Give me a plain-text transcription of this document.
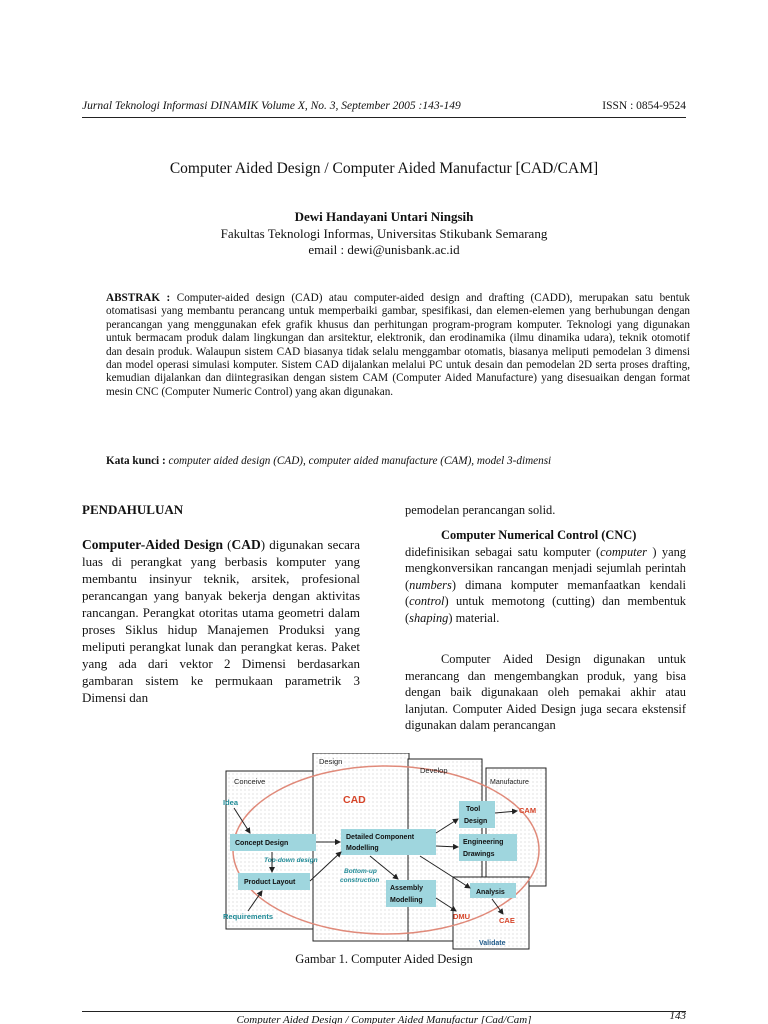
Jurnal Teknologi Informasi DINAMIK Volume X, No. 3, September 2005 :143-149	ISSN : 0854-9524
Computer Aided Design / Computer Aided Manufactur [CAD/CAM]
Dewi Handayani Untari Ningsih
Fakultas Teknologi Informas, Universitas Stikubank Semarang
email : dewi@unisbank.ac.id
ABSTRAK : Computer-aided design (CAD) atau computer-aided design and drafting (CADD), merupakan satu bentuk otomatisasi yang membantu perancang untuk memperbaiki gambar, spesifikasi, dan elemen-elemen yang berhubungan dengan perancangan yang menggunakan efek grafik khusus dan perhitungan program-program komputer. Teknologi yang digunakan untuk bermacam produk dalam lingkungan dan arsitektur, elektronik, dan erodinamika (ilmu dinamika udara), teknik otomotif dan desain produk. Walaupun sistem CAD biasanya tidak selalu menggambar otomatis, biasanya meliputi pemodelan 3 dimensi dan model operasi simulasi komputer. Sistem CAD dijalankan melalui PC untuk desain dan pemodelan 2D serta proses drafting, kemudian dijalankan dan diintegrasikan dengan sistem CAM (Computer Aided Manufacture) yang disesuaikan dengan format mesin CNC (Computer Numeric Control) yang akan digunakan.
Kata kunci : computer aided design (CAD), computer aided manufacture (CAM), model 3-dimensi
PENDAHULUAN
Computer-Aided Design (CAD) digunakan secara luas di perangkat yang berbasis komputer yang membantu insinyur teknik, arsitek, profesional perancangan yang banyak bekerja dengan aktivitas rancangan. Perangkat otoritas utama geometri dalam proses Siklus hidup Manajemen Produksi yang meliputi perangkat lunak dan perangkat keras. Paket yang ada dari vektor 2 Dimensi berdasarkan gambaran sistem ke permukaan parametrik 3 Dimensi dan
pemodelan perancangan solid.
Computer Numerical Control (CNC) didefinisikan sebagai satu komputer (computer ) yang mengkonversikan rancangan menjadi sejumlah perintah (numbers) dimana komputer memanfaatkan kendali (control) untuk memotong (cutting) dan membentuk (shaping) material.
Computer Aided Design digunakan untuk merancang dan mengembangkan produk, yang bisa dengan baik digunakaan oleh pemakai akhir atau lanjutan. Computer Aided Design juga secara ekstensif digunakan dalam perancangan
Design
Conceive
Develop
Manufacture
Validate
CAD
Idea
Requirements
Concept Design
Product Layout
Detailed Component
Modelling
Assembly
Modelling
Tool
Design
Engineering
Drawings
Analysis
Top-down design
Bottom-up
construction
CAM
DMU	CAE
Gambar 1. Computer Aided Design
Computer Aided Design / Computer Aided Manufactur [Cad/Cam]	143
